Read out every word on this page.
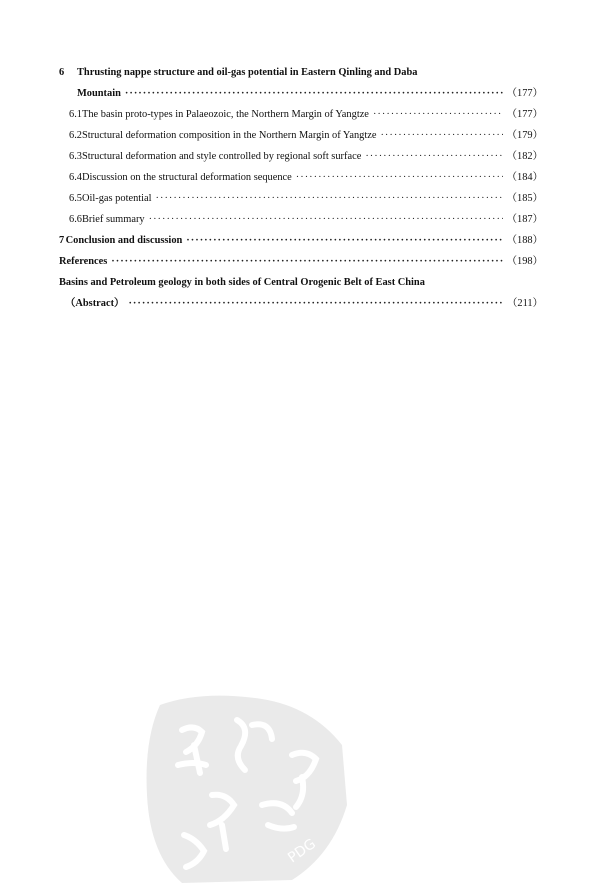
6 Thrusting nappe structure and oil-gas potential in Eastern Qinling and Daba
Mountain ·····	（177）
6.1 The basin proto-types in Palaeozoic, the Northern Margin of Yangtze ·····	（177）
6.2 Structural deformation composition in the Northern Margin of Yangtze ·····	（179）
6.3 Structural deformation and style controlled by regional soft surface ·····	（182）
6.4 Discussion on the structural deformation sequence ·····	（184）
6.5 Oil-gas potential ·····	（185）
6.6 Brief summary ·····	（187）
7 Conclusion and discussion ·····	（188）
References ·····	（198）
Basins and Petroleum geology in both sides of Central Orogenic Belt of East China
（Abstract） ·····	（211）
PDG
